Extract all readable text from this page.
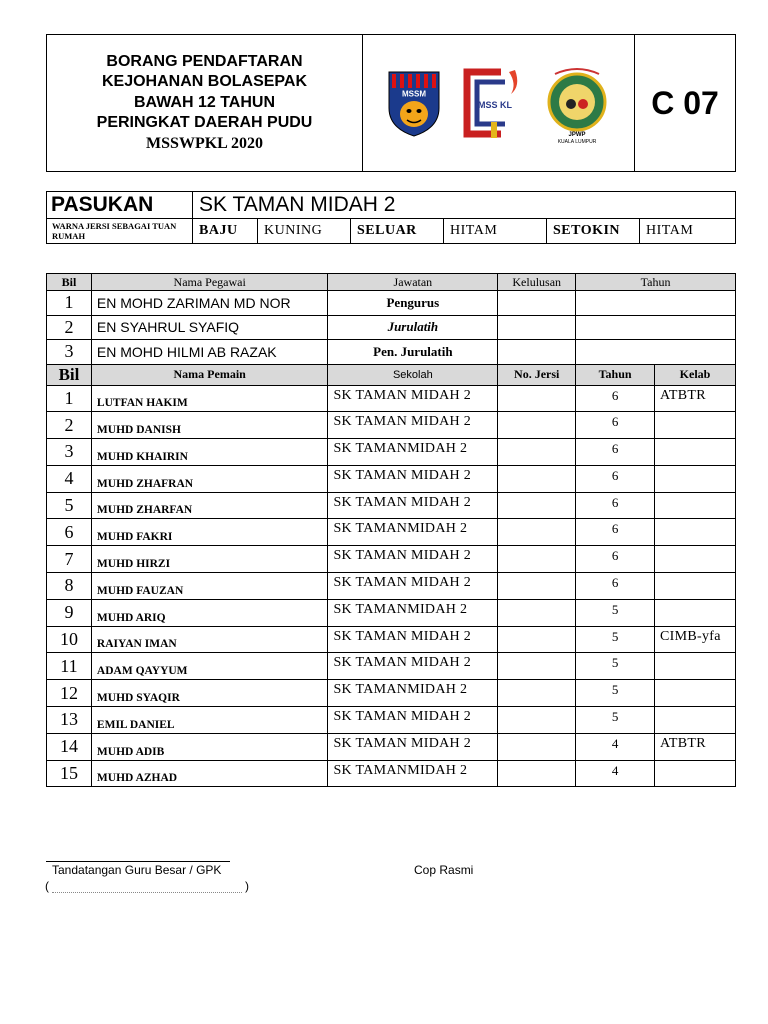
BORANG PENDAFTARAN
KEJOHANAN BOLASEPAK
BAWAH 12 TAHUN
PERINGKAT DAERAH PUDU
MSSWPKL 2020

MSSM

MSS KL

JPWP
KUALA LUMPUR
	C 07
PASUKAN	SK TAMAN MIDAH 2					
WARNA JERSI SEBAGAI TUAN RUMAH	BAJU	KUNING	SELUAR	HITAM	SETOKIN	HITAM
Bil	Nama Pegawai	Jawatan	Kelulusan	Tahun	
1	EN MOHD ZARIMAN MD NOR	Pengurus			
2	EN SYAHRUL SYAFIQ	Jurulatih			
3	EN MOHD HILMI AB RAZAK	Pen. Jurulatih			
Bil	Nama Pemain	Sekolah	No. Jersi	Tahun	Kelab
1	LUTFAN HAKIM	SK TAMAN MIDAH 2		6	ATBTR
2	MUHD DANISH	SK TAMAN MIDAH 2		6	
3	MUHD KHAIRIN	SK TAMANMIDAH 2		6	
4	MUHD ZHAFRAN	SK TAMAN MIDAH 2		6	
5	MUHD ZHARFAN	SK TAMAN MIDAH 2		6	
6	MUHD FAKRI	SK TAMANMIDAH 2		6	
7	MUHD HIRZI	SK TAMAN MIDAH 2		6	
8	MUHD FAUZAN	SK TAMAN MIDAH 2		6	
9	MUHD ARIQ	SK TAMANMIDAH 2		5	
10	RAIYAN IMAN	SK TAMAN MIDAH 2		5	CIMB-yfa
11	ADAM QAYYUM	SK TAMAN MIDAH 2		5	
12	MUHD SYAQIR	SK TAMANMIDAH 2		5	
13	EMIL DANIEL	SK TAMAN MIDAH 2		5	
14	MUHD ADIB	SK TAMAN MIDAH 2		4	ATBTR
15	MUHD AZHAD	SK TAMANMIDAH 2		4	
Tandatangan Guru Besar / GPK	Cop Rasmi
(	)
